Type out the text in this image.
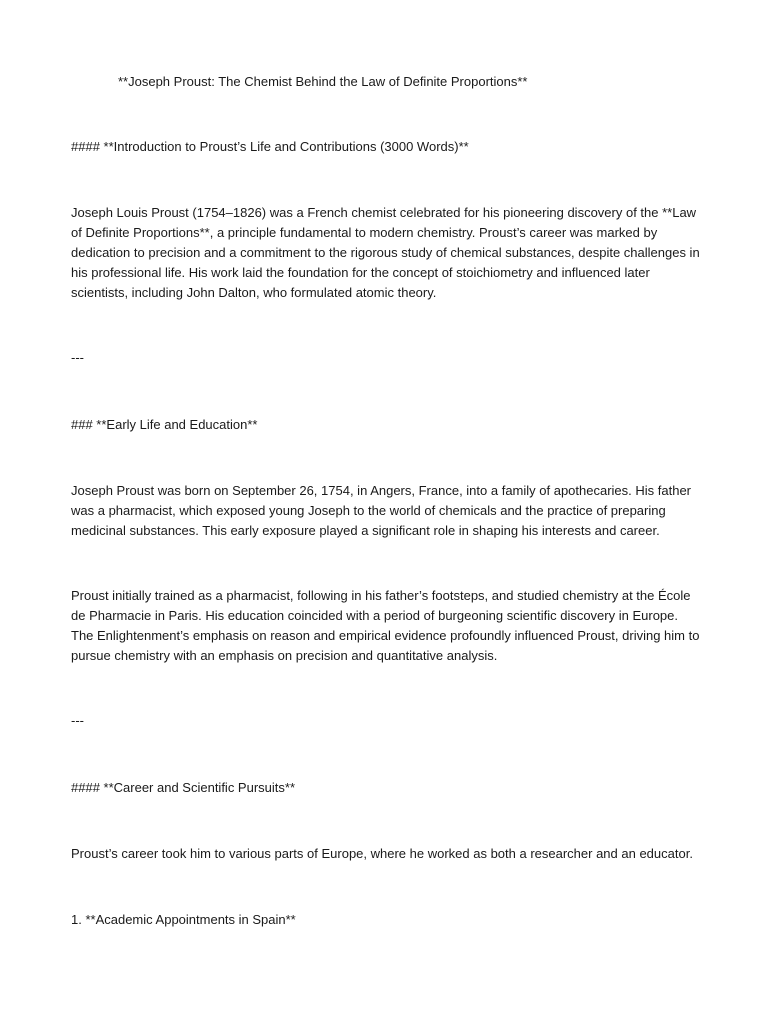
**Joseph Proust: The Chemist Behind the Law of Definite Proportions**
#### **Introduction to Proust’s Life and Contributions (3000 Words)**
Joseph Louis Proust (1754–1826) was a French chemist celebrated for his pioneering discovery of the **Law of Definite Proportions**, a principle fundamental to modern chemistry. Proust’s career was marked by dedication to precision and a commitment to the rigorous study of chemical substances, despite challenges in his professional life. His work laid the foundation for the concept of stoichiometry and influenced later scientists, including John Dalton, who formulated atomic theory.
---
### **Early Life and Education**
Joseph Proust was born on September 26, 1754, in Angers, France, into a family of apothecaries. His father was a pharmacist, which exposed young Joseph to the world of chemicals and the practice of preparing medicinal substances. This early exposure played a significant role in shaping his interests and career.
Proust initially trained as a pharmacist, following in his father’s footsteps, and studied chemistry at the École de Pharmacie in Paris. His education coincided with a period of burgeoning scientific discovery in Europe. The Enlightenment’s emphasis on reason and empirical evidence profoundly influenced Proust, driving him to pursue chemistry with an emphasis on precision and quantitative analysis.
---
#### **Career and Scientific Pursuits**
Proust’s career took him to various parts of Europe, where he worked as both a researcher and an educator.
1. **Academic Appointments in Spain**
